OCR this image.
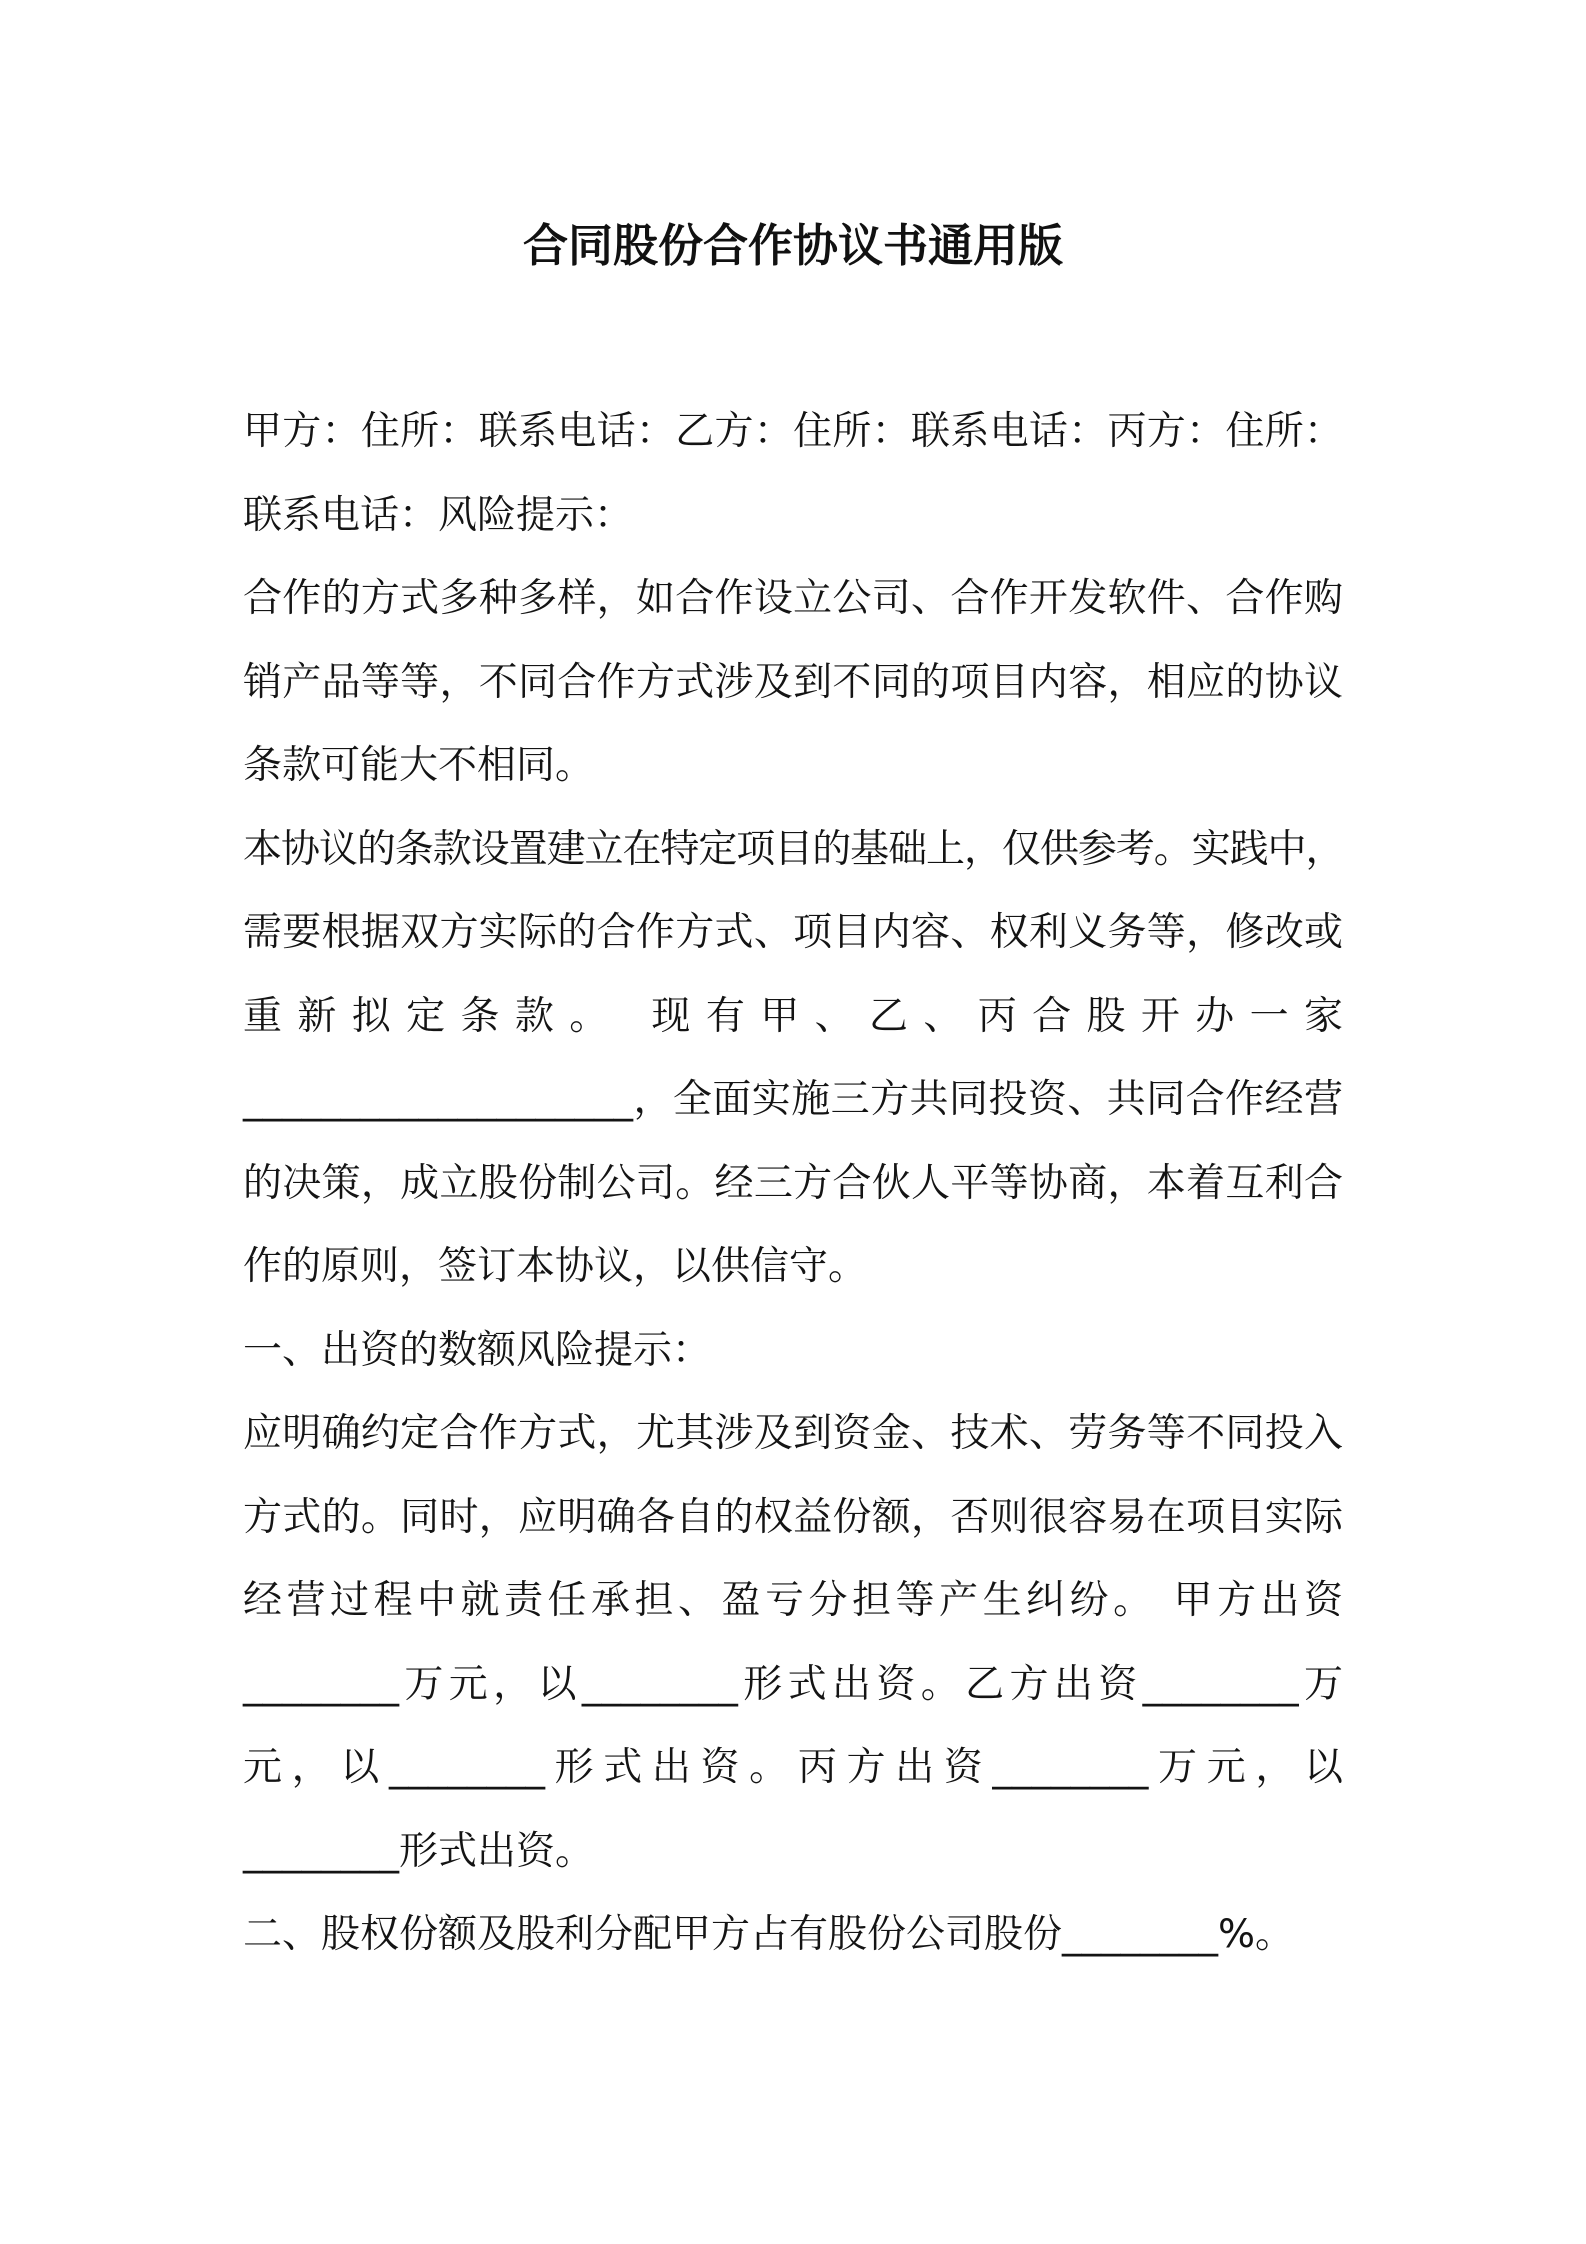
合同股份合作协议书通用版
甲方：住所：联系电话：乙方：住所：联系电话：丙方：住所：
联系电话：风险提示：
合作的方式多种多样，如合作设立公司、合作开发软件、合作购
销产品等等，不同合作方式涉及到不同的项目内容，相应的协议
条款可能大不相同。
本协议的条款设置建立在特定项目的基础上，仅供参考。实践中，
需要根据双方实际的合作方式、项目内容、权利义务等，修改或
重新拟定条款。 现有甲、乙、丙合股开办一家
____________________，全面实施三方共同投资、共同合作经营
的决策，成立股份制公司。经三方合伙人平等协商，本着互利合
作的原则，签订本协议，以供信守。
一、出资的数额风险提示：
应明确约定合作方式，尤其涉及到资金、技术、劳务等不同投入
方式的。同时，应明确各自的权益份额，否则很容易在项目实际
经营过程中就责任承担、盈亏分担等产生纠纷。 甲方出资
________万元，以________形式出资。乙方出资________万
元，以________形式出资。丙方出资________万元，以
________形式出资。
二、股权份额及股利分配甲方占有股份公司股份________%。
